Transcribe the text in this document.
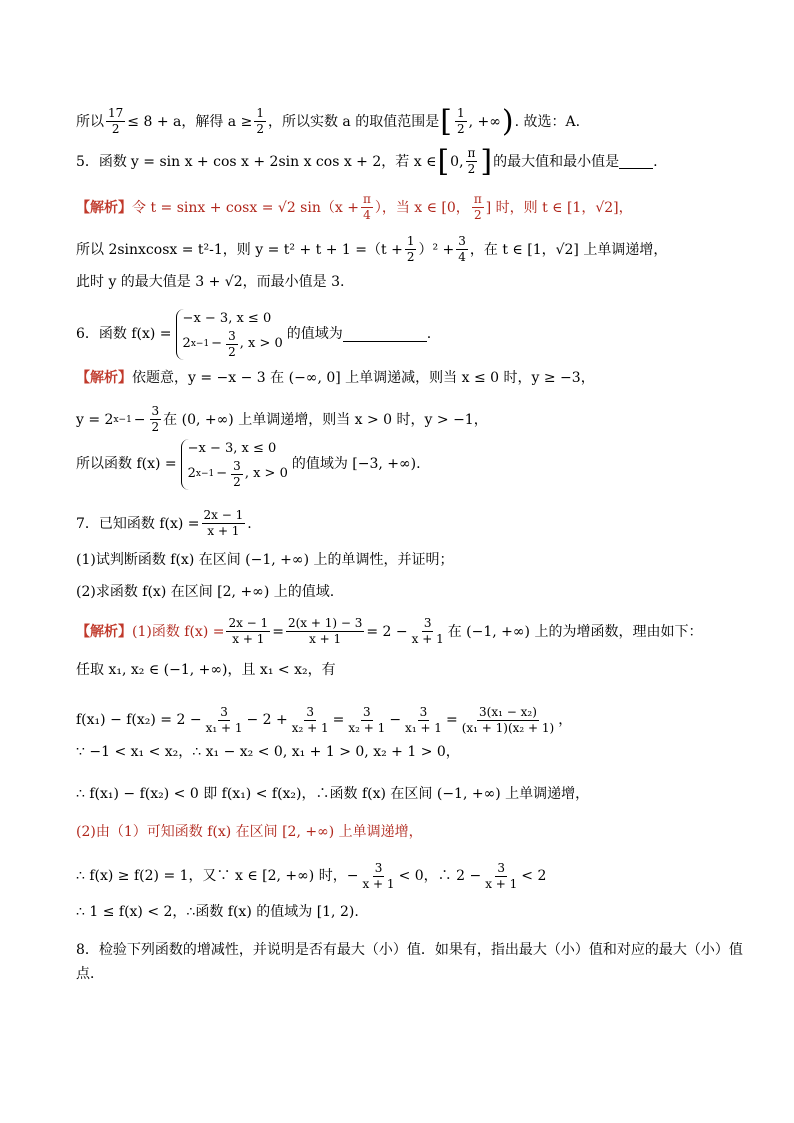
所以 $\frac{17}{2} \le 8 + a$，解得 $a \ge \frac{1}{2}$ ，所以实数 a 的取值范围是 [ $\frac{1}{2}$ , +∞ ) . 故选：A.
5．函数 y = sin x + cos x + 2sin x cos x + 2，若 x ∈ [ 0, $\frac{\pi}{2}$ ] 的最大值和最小值是 .
【解析】 令 t = sinx + cosx = √2 $\sin(x + \frac{\pi}{4}$ ），当 x ∈ [0， $\frac{\pi}{2}$ ] 时，则 t ∈ [1，√2]，
所以 2sinxcosx = t²-1，则 $y = t^2 + t + 1 =(t + \frac{1}{2} )^2 + \frac{3}{4}$ ，在 t ∈ [1，√2] 上单调递增，
此时 y 的最大值是 3 + √2，而最小值是 3.
6．函数 f(x) =
−x − 3, x ≤ 0
2 $x-1 - \frac{3}{2}$ , x > 0
的值域为	.
【解析】 依题意，y = −x − 3 在 (−∞, 0] 上单调递减，则当 x ≤ 0 时，y ≥ −3，
y = 2 $x-1 - \frac{3}{2}$ 在 (0, +∞) 上单调递增，则当 x > 0 时，y > −1，
所以函数 f(x) =
−x − 3, x ≤ 0
2 $x-1 - \frac{3}{2}$ , x > 0
的值域为 [−3, +∞).
7．已知函数 $f(x) = \frac{2x - 1}{x + 1}$ .
(1)试判断函数 f(x) 在区间 (−1, +∞) 上的单调性，并证明；
(2)求函数 f(x) 在区间 [2, +∞) 上的值域.
【解析】 (1)函数 $f(x) = \frac{2x - 1}{x + 1} = \frac{2(x + 1) - 3}{x + 1} = 2 - \frac{3}{x + 1}$ 在 (−1, +∞) 上的为增函数，理由如下：
任取 x₁, x₂ ∈ (−1, +∞)，且 x₁ < x₂，有
$f(x_1) - f(x_2) = 2 - \frac{3}{\text{x₁ + 1}} - 2 + \frac{3}{\text{x₂ + 1}} = \frac{3}{\text{x₂ + 1}} - \frac{3}{\text{x₁ + 1}} = \frac{\text{3(x₁ − x₂)}}{\text{(x₁ + 1)(x₂ + 1)}}$ ，
∵ −1 < x₁ < x₂，∴ x₁ − x₂ < 0, x₁ + 1 > 0, x₂ + 1 > 0，
∴ f(x₁) − f(x₂) < 0 即 f(x₁) < f(x₂)，∴函数 f(x) 在区间 (−1, +∞) 上单调递增，
(2)由（1）可知函数 f(x) 在区间 [2, +∞) 上单调递增，
∴ f(x) ≥ f(2) = 1，又∵ x ∈ [2, +∞) 时，− $\frac{3}{x + 1} < 0$，∴ $2 - \frac{3}{x + 1} < 2$
∴ 1 ≤ f(x) < 2，∴函数 f(x) 的值域为 [1, 2).
8．检验下列函数的增减性，并说明是否有最大（小）值．如果有，指出最大（小）值和对应的最大（小）值点．
